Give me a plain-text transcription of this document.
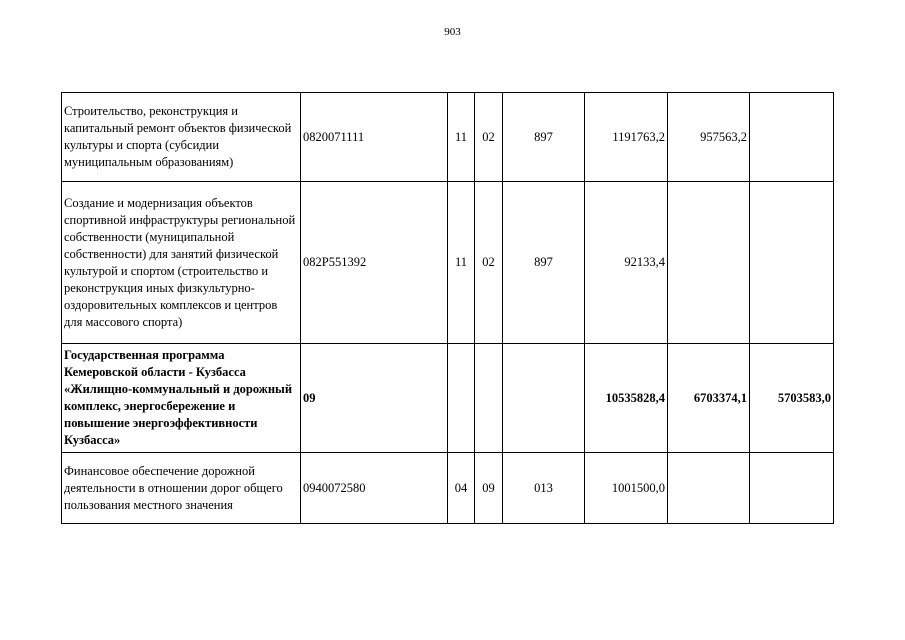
903
Строительство, реконструкция и капитальный ремонт объектов физической культуры и спорта (субсидии муниципальным образованиям)	0820071111	11	02	897	1191763,2	957563,2	
Создание и модернизация объектов спортивной инфраструктуры региональной собственности (муниципальной собственности) для занятий физической культурой и спортом (строительство и реконструкция иных физкультурно-оздоровительных комплексов и центров для массового спорта)	082P551392	11	02	897	92133,4		
Государственная программа Кемеровской области - Кузбасса «Жилищно-коммунальный и дорожный комплекс, энергосбережение и повышение энергоэффективности Кузбасса»	09				10535828,4	6703374,1	5703583,0
Финансовое обеспечение дорожной деятельности в отношении дорог общего пользования местного значения	0940072580	04	09	013	1001500,0		
